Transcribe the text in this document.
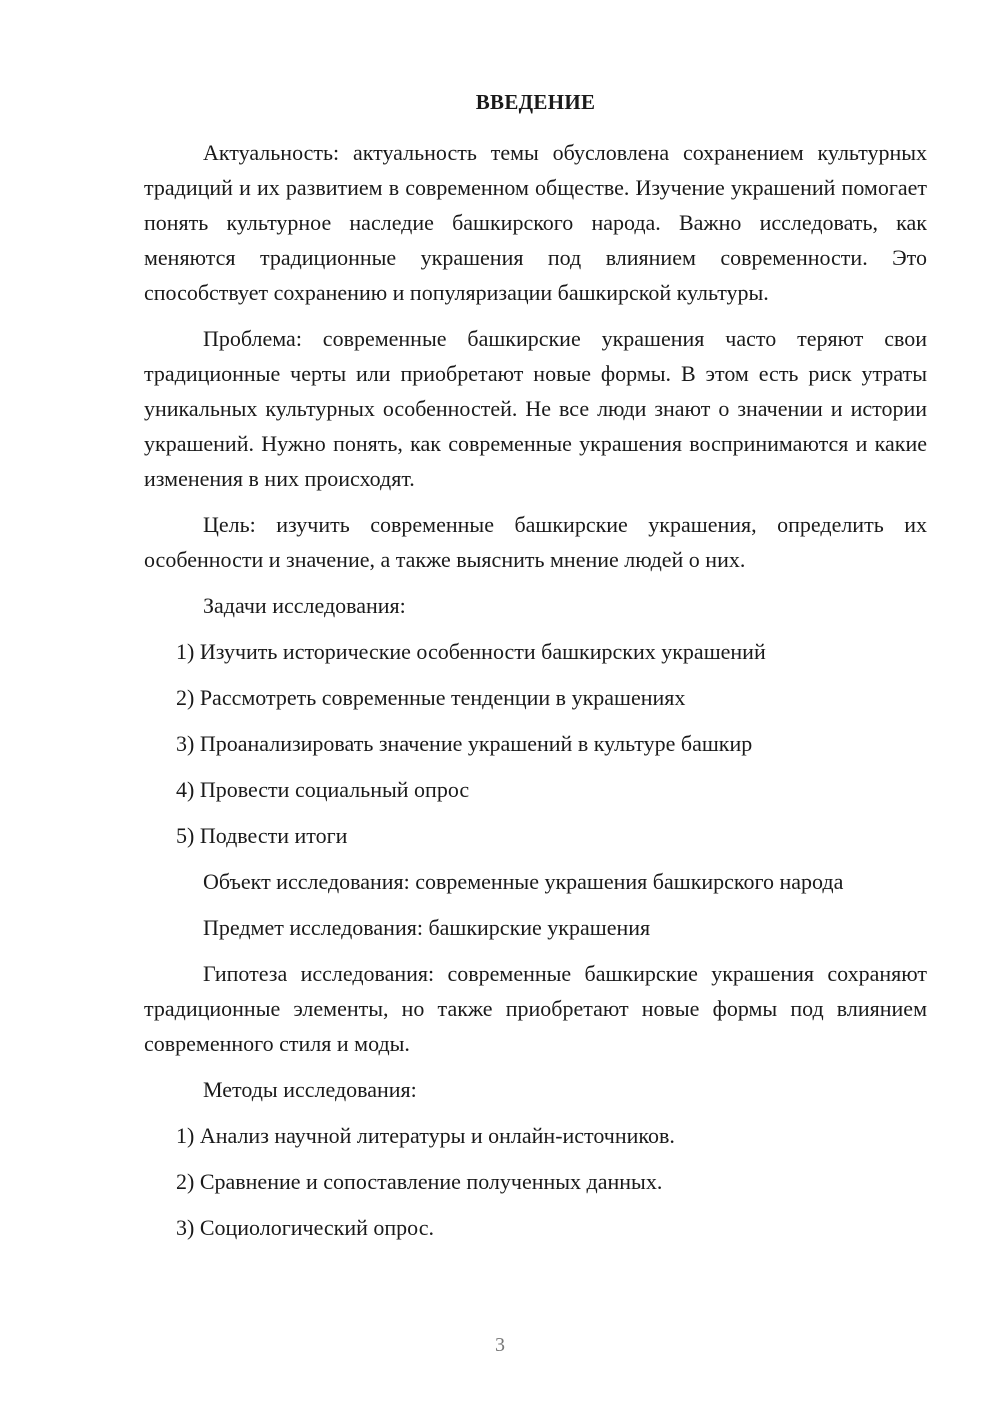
ВВЕДЕНИЕ

Актуальность: актуальность темы обусловлена сохранением культурных традиций и их развитием в современном обществе. Изучение украшений помогает понять культурное наследие башкирского народа. Важно исследовать, как меняются традиционные украшения под влиянием современности. Это способствует сохранению и популяризации башкирской культуры.

Проблема: современные башкирские украшения часто теряют свои традиционные черты или приобретают новые формы. В этом есть риск утраты уникальных культурных особенностей. Не все люди знают о значении и истории украшений. Нужно понять, как современные украшения воспринимаются и какие изменения в них происходят.

Цель: изучить современные башкирские украшения, определить их особенности и значение, а также выяснить мнение людей о них.

Задачи исследования:

1) Изучить исторические особенности башкирских украшений
2) Рассмотреть современные тенденции в украшениях
3) Проанализировать значение украшений в культуре башкир
4) Провести социальный опрос
5) Подвести итоги

Объект исследования: современные украшения башкирского народа

Предмет исследования: башкирские украшения

Гипотеза исследования: современные башкирские украшения сохраняют традиционные элементы, но также приобретают новые формы под влиянием современного стиля и моды.

Методы исследования:

1) Анализ научной литературы и онлайн-источников.
2) Сравнение и сопоставление полученных данных.
3) Социологический опрос.
3
